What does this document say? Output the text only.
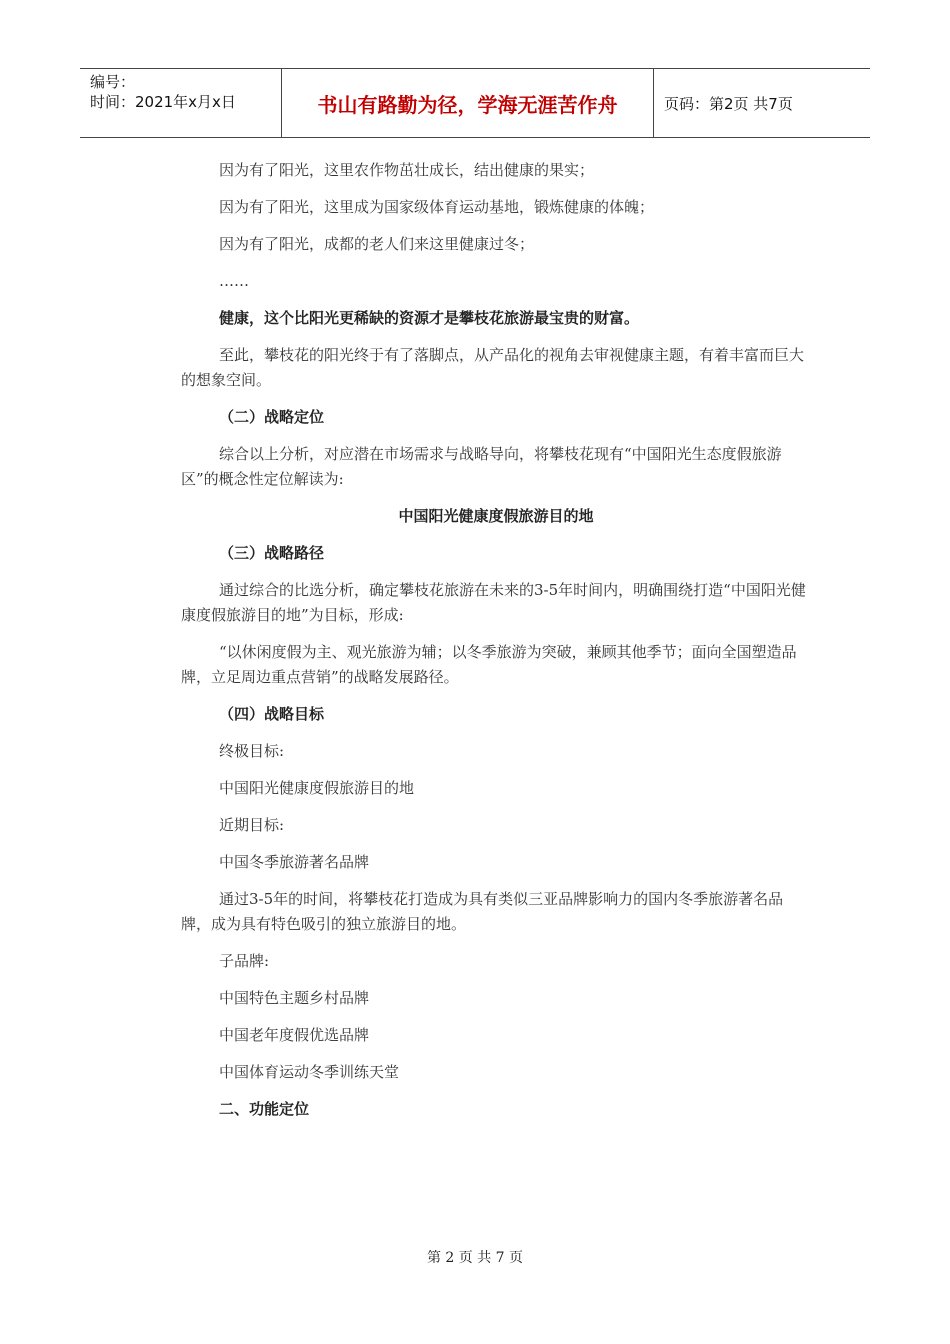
编号：
时间：2021年x月x日	书山有路勤为径，学海无涯苦作舟	页码：第2页 共7页

因为有了阳光，这里农作物茁壮成长，结出健康的果实；

因为有了阳光，这里成为国家级体育运动基地，锻炼健康的体魄；

因为有了阳光，成都的老人们来这里健康过冬；

……

健康，这个比阳光更稀缺的资源才是攀枝花旅游最宝贵的财富。

至此，攀枝花的阳光终于有了落脚点，从产品化的视角去审视健康主题，有着丰富而巨大的想象空间。

（二）战略定位

综合以上分析，对应潜在市场需求与战略导向，将攀枝花现有“中国阳光生态度假旅游区”的概念性定位解读为:

中国阳光健康度假旅游目的地

（三）战略路径

通过综合的比选分析，确定攀枝花旅游在未来的3-5年时间内，明确围绕打造“中国阳光健康度假旅游目的地”为目标，形成:

“以休闲度假为主、观光旅游为辅；以冬季旅游为突破，兼顾其他季节；面向全国塑造品牌，立足周边重点营销”的战略发展路径。

（四）战略目标

终极目标:

中国阳光健康度假旅游目的地

近期目标:

中国冬季旅游著名品牌

通过3-5年的时间，将攀枝花打造成为具有类似三亚品牌影响力的国内冬季旅游著名品牌，成为具有特色吸引的独立旅游目的地。

子品牌:

中国特色主题乡村品牌

中国老年度假优选品牌

中国体育运动冬季训练天堂

二、功能定位

第 2 页 共 7 页
